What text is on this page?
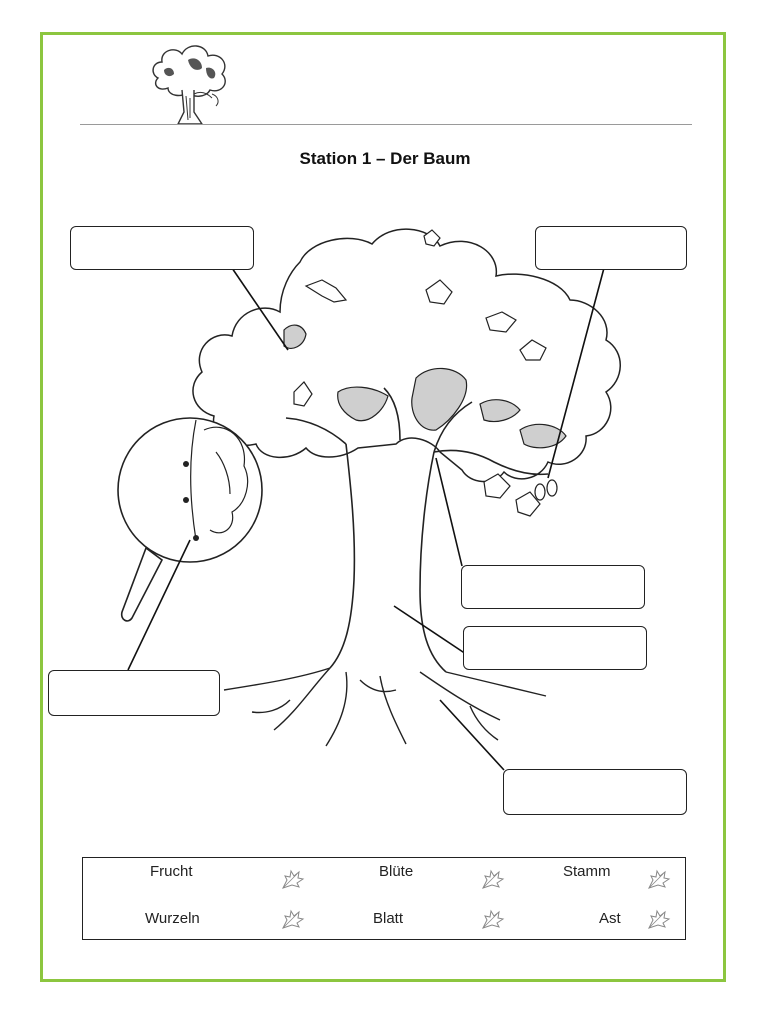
Station 1 – Der Baum
Frucht	Blüte	Stamm
Wurzeln	Blatt	Ast
